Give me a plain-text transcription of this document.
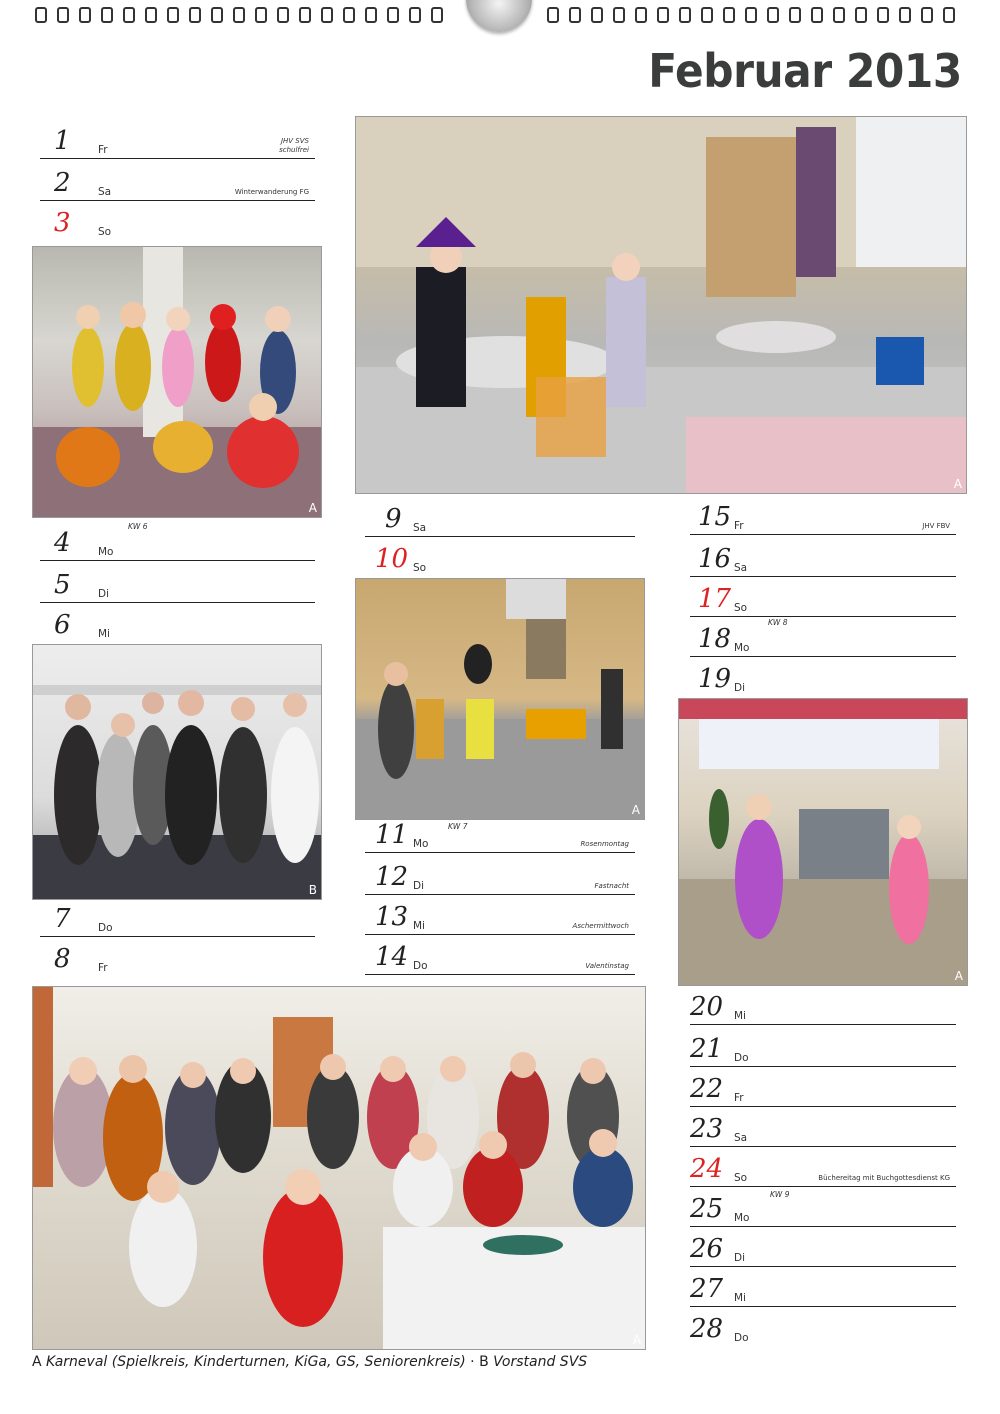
Februar 2013
1	Fr
JHV SVS
schulfrei
2	Sa	Winterwanderung FG
3	So
A
KW 6
4	Mo
5	Di
6	Mi
B
7	Do
8	Fr
A
9 Sa
10 So
A
KW 7
11 Mo	Rosenmontag
12 Di	Fastnacht
13 Mi	Aschermittwoch
14 Do	Valentinstag
15 Fr	JHV FBV
16 Sa
17 So
KW 8
18 Mo
19 Di
A
20 Mi
21 Do
22 Fr
23 Sa
24 So	Büchereitag mit Buchgottesdienst KG
KW 9
25 Mo
26 Di
27 Mi
28 Do
A
A Karneval (Spielkreis, Kinderturnen, KiGa, GS, Seniorenkreis) · B Vorstand SVS
